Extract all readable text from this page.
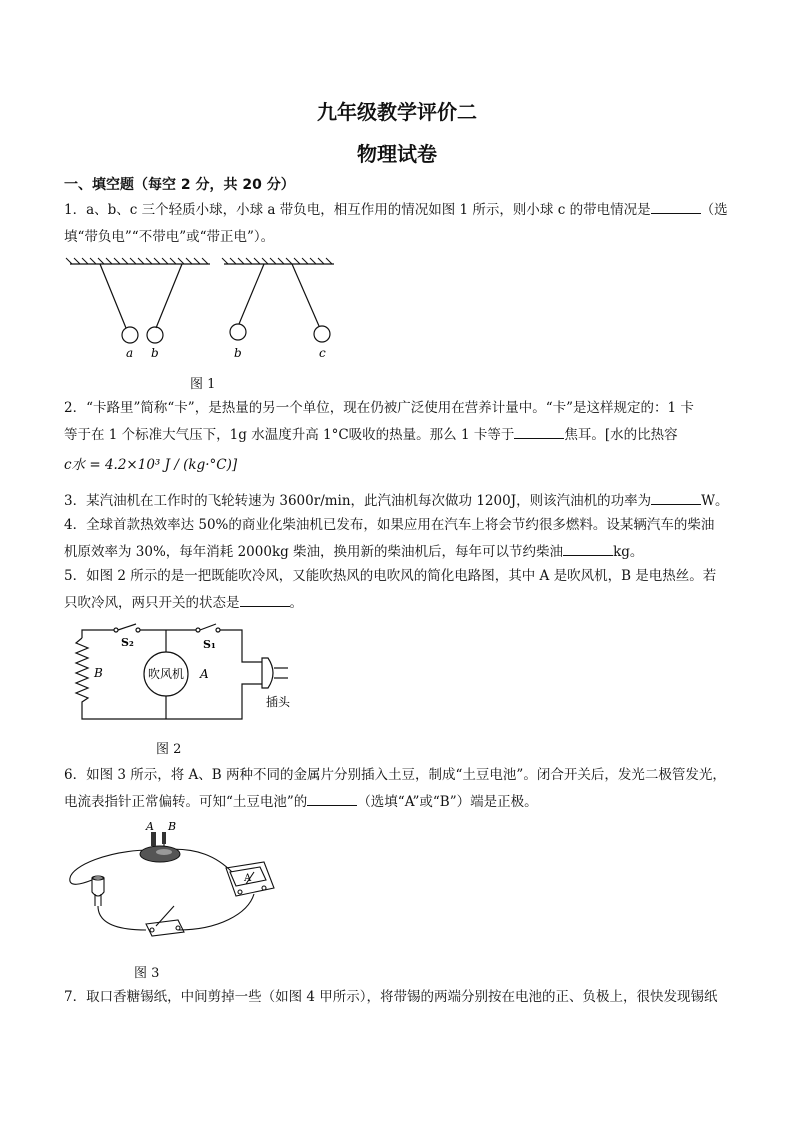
九年级教学评价二
物理试卷
一、填空题（每空 2 分，共 20 分）
1．a、b、c 三个轻质小球，小球 a 带负电，相互作用的情况如图 1 所示，则小球 c 的带电情况是	（选填“带负电”“不带电”或“带正电”）。
a b	b	c
图 1
2．“卡路里”简称“卡”，是热量的另一个单位，现在仍被广泛使用在营养计量中。“卡”是这样规定的：1 卡
等于在 1 个标准大气压下，1g 水温度升高 1°C吸收的热量。那么 1 卡等于	焦耳。[水的比热容
c水 = 4.2×10³ J / (kg·°C)]
3．某汽油机在工作时的飞轮转速为 3600r/min，此汽油机每次做功 1200J，则该汽油机的功率为	W。
4．全球首款热效率达 50%的商业化柴油机已发布，如果应用在汽车上将会节约很多燃料。设某辆汽车的柴油
机原效率为 30%，每年消耗 2000kg 柴油，换用新的柴油机后，每年可以节约柴油	kg。
5．如图 2 所示的是一把既能吹冷风，又能吹热风的电吹风的简化电路图，其中 A 是吹风机，B 是电热丝。若
只吹冷风，两只开关的状态是	。
S₂	S₁
B	吹风机 A
插头
图 2
6．如图 3 所示，将 A、B 两种不同的金属片分别插入土豆，制成“土豆电池”。闭合开关后，发光二极管发光，
电流表指针正常偏转。可知“土豆电池”的	（选填“A”或“B”）端是正极。
A B
A
图 3
7．取口香糖锡纸，中间剪掉一些（如图 4 甲所示），将带锡的两端分别按在电池的正、负极上，很快发现锡纸
